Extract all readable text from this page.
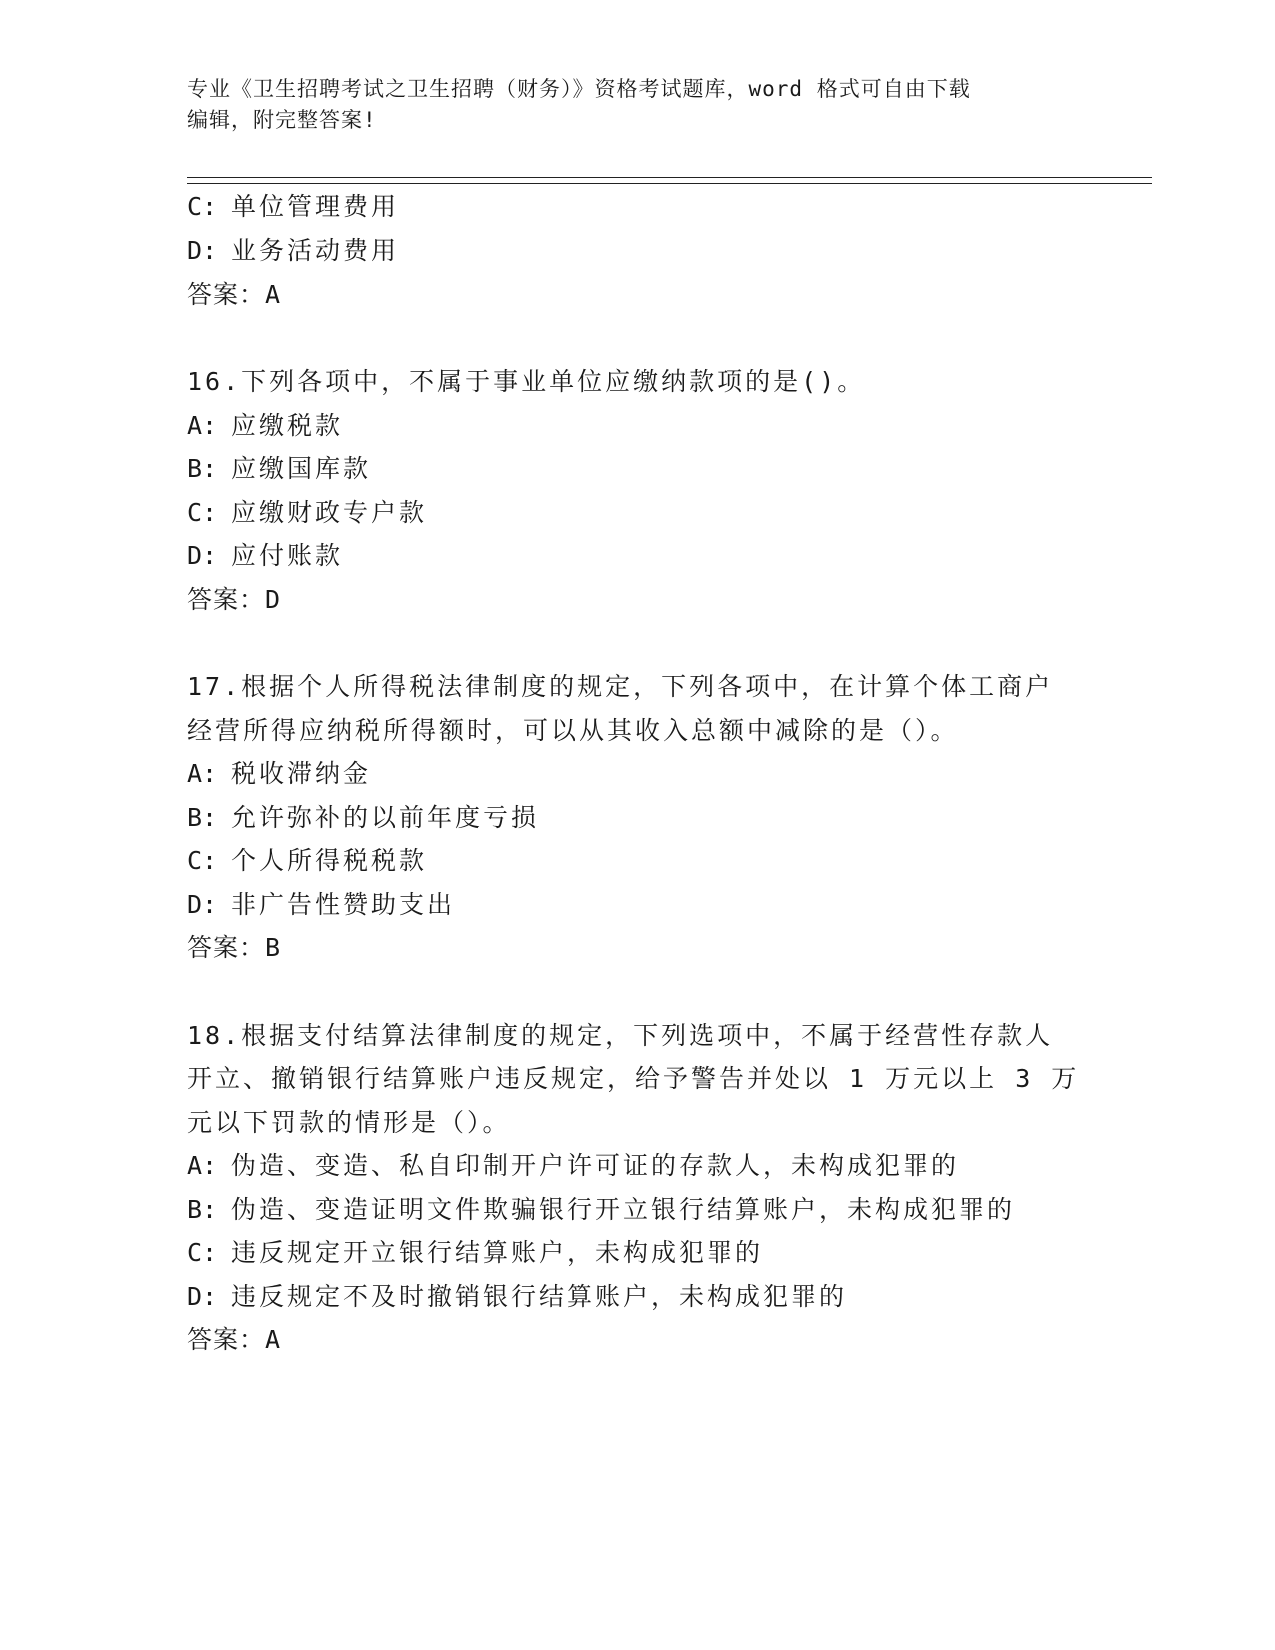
专业《卫生招聘考试之卫生招聘（财务）》资格考试题库，word 格式可自由下载
编辑，附完整答案!
C: 单位管理费用
D: 业务活动费用
答案：A
16.下列各项中，不属于事业单位应缴纳款项的是()。
A: 应缴税款
B: 应缴国库款
C: 应缴财政专户款
D: 应付账款
答案：D
17.根据个人所得税法律制度的规定，下列各项中，在计算个体工商户
经营所得应纳税所得额时，可以从其收入总额中减除的是（）。
A: 税收滞纳金
B: 允许弥补的以前年度亏损
C: 个人所得税税款
D: 非广告性赞助支出
答案：B
18.根据支付结算法律制度的规定，下列选项中，不属于经营性存款人
开立、撤销银行结算账户违反规定，给予警告并处以 1 万元以上 3 万
元以下罚款的情形是（）。
A: 伪造、变造、私自印制开户许可证的存款人，未构成犯罪的
B: 伪造、变造证明文件欺骗银行开立银行结算账户，未构成犯罪的
C: 违反规定开立银行结算账户，未构成犯罪的
D: 违反规定不及时撤销银行结算账户，未构成犯罪的
答案：A
